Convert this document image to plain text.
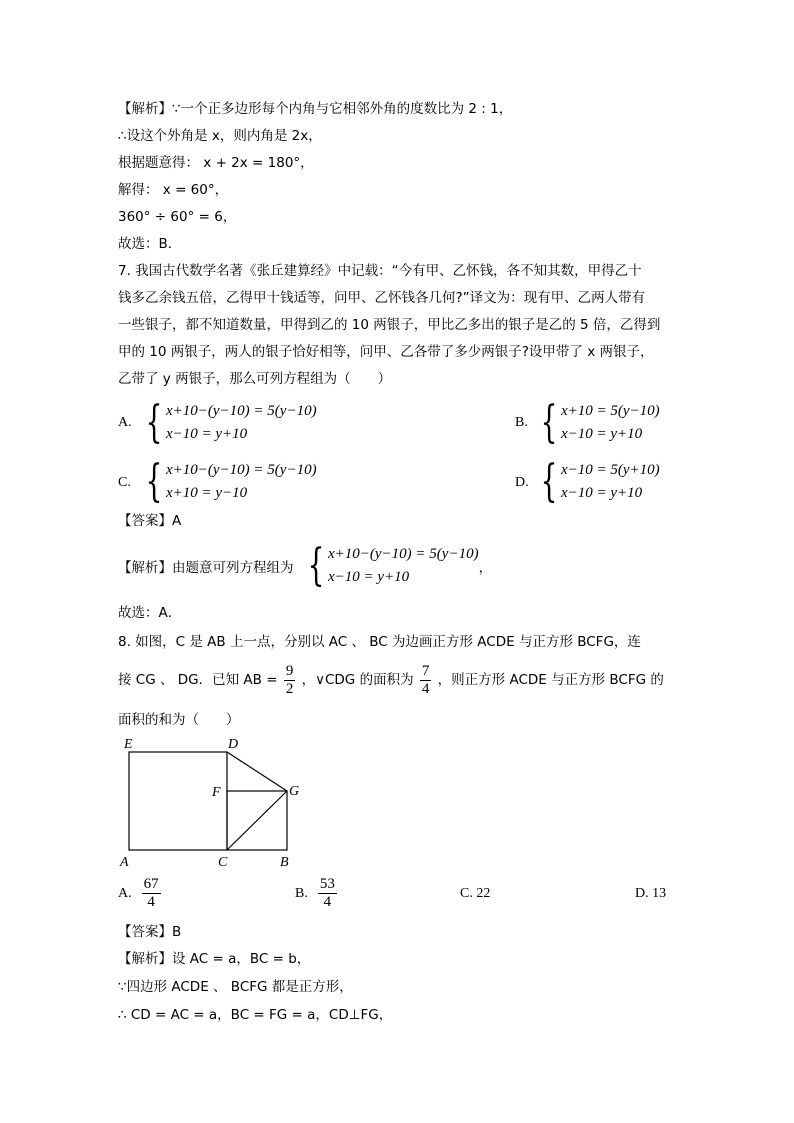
【解析】∵一个正多边形每个内角与它相邻外角的度数比为 2 : 1，
∴设这个外角是 x，则内角是 2x，
根据题意得： x + 2x = 180°，
解得： x = 60°，
360° ÷ 60° = 6，
故选：B．
7. 我国古代数学名著《张丘建算经》中记载：“今有甲、乙怀钱，各不知其数，甲得乙十
钱多乙余钱五倍，乙得甲十钱适等，问甲、乙怀钱各几何?”译文为：现有甲、乙两人带有
一些银子，都不知道数量，甲得到乙的 10 两银子，甲比乙多出的银子是乙的 5 倍，乙得到
甲的 10 两银子，两人的银子恰好相等，问甲、乙各带了多少两银子?设甲带了 x 两银子，
乙带了 y 两银子，那么可列方程组为（　　）
A. { x+10−(y−10) = 5(y−10)
x−10 = y+10
B. { x+10 = 5(y−10)
x−10 = y+10
C. { x+10−(y−10) = 5(y−10)
x+10 = y−10
D. { x−10 = 5(y+10)
x−10 = y+10
【答案】A
【解析】由题意可列方程组为 { x+10−(y−10) = 5(y−10)
x−10 = y+10
，
故选：A．
8. 如图，C 是 AB 上一点，分别以 AC 、 BC 为边画正方形 ACDE 与正方形 BCFG，连
接 CG 、 DG．已知 AB = $\frac{9}{2}$ ，∨CDG 的面积为 $\frac{7}{4}$ ，则正方形 ACDE 与正方形 BCFG 的
面积的和为（　　）
E	D
F	G
A	C	B
A. $\frac{67}{4}$	B. $\frac{53}{4}$	C. 22	D. 13
【答案】B
【解析】设 AC = a，BC = b，
∵四边形 ACDE 、 BCFG 都是正方形，
∴ CD = AC = a，BC = FG = a，CD⊥FG，
